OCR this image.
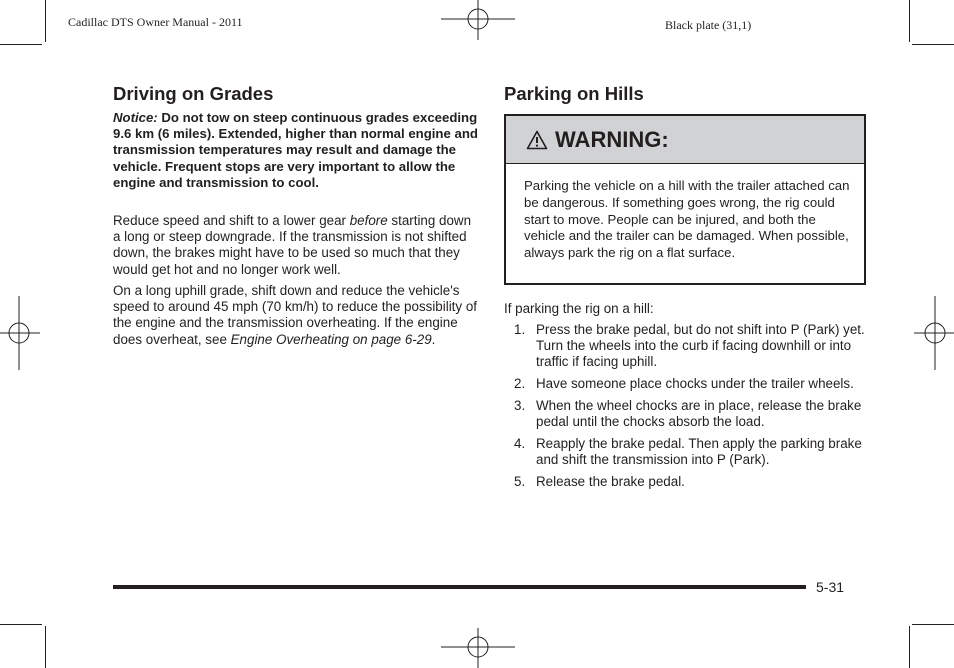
Cadillac DTS Owner Manual - 2011	Black plate (31,1)
Driving on Grades

Notice: Do not tow on steep continuous grades exceeding 9.6 km (6 miles). Extended, higher than normal engine and transmission temperatures may result and damage the vehicle. Frequent stops are very important to allow the engine and transmission to cool.

Reduce speed and shift to a lower gear before starting down a long or steep downgrade. If the transmission is not shifted down, the brakes might have to be used so much that they would get hot and no longer work well.

On a long uphill grade, shift down and reduce the vehicle's speed to around 45 mph (70 km/h) to reduce the possibility of the engine and the transmission overheating. If the engine does overheat, see Engine Overheating on page 6-29.

Parking on Hills
WARNING:
Parking the vehicle on a hill with the trailer attached can be dangerous. If something goes wrong, the rig could start to move. People can be injured, and both the vehicle and the trailer can be damaged. When possible, always park the rig on a flat surface.

If parking the rig on a hill:

1. Press the brake pedal, but do not shift into P (Park) yet. Turn the wheels into the curb if facing downhill or into traffic if facing uphill.
2. Have someone place chocks under the trailer wheels.
3. When the wheel chocks are in place, release the brake pedal until the chocks absorb the load.
4. Reapply the brake pedal. Then apply the parking brake and shift the transmission into P (Park).
5. Release the brake pedal.
5-31
